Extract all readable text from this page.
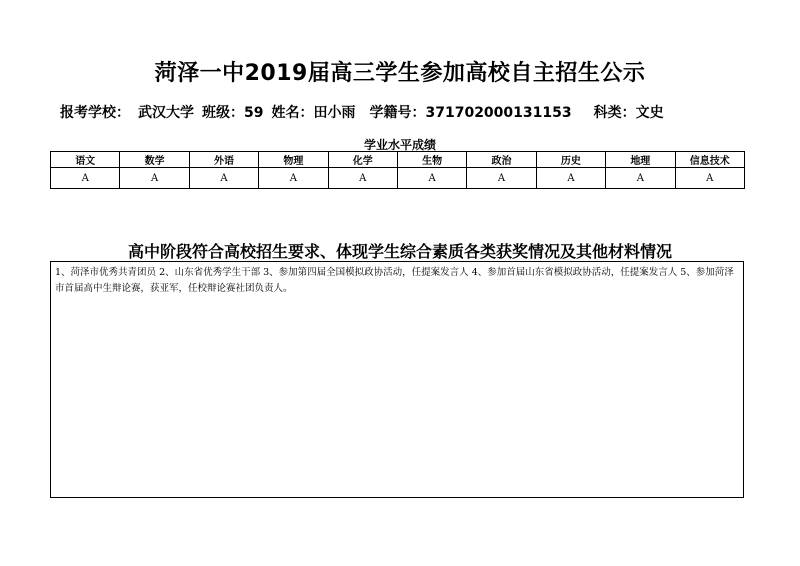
菏泽一中2019届高三学生参加高校自主招生公示
报考学校： 武汉大学 班级：59 姓名：田小雨 学籍号：371702000131153 科类：文史
学业水平成绩
语文	数学	外语	物理	化学	生物	政治	历史	地理	信息技术
A	A	A	A	A	A	A	A	A	A
高中阶段符合高校招生要求、体现学生综合素质各类获奖情况及其他材料情况
1、菏泽市优秀共青团员 2、山东省优秀学生干部 3、参加第四届全国模拟政协活动，任提案发言人 4、参加首届山东省模拟政协活动，任提案发言人 5、参加菏泽市首届高中生辩论赛，获亚军，任校辩论赛社团负责人。
